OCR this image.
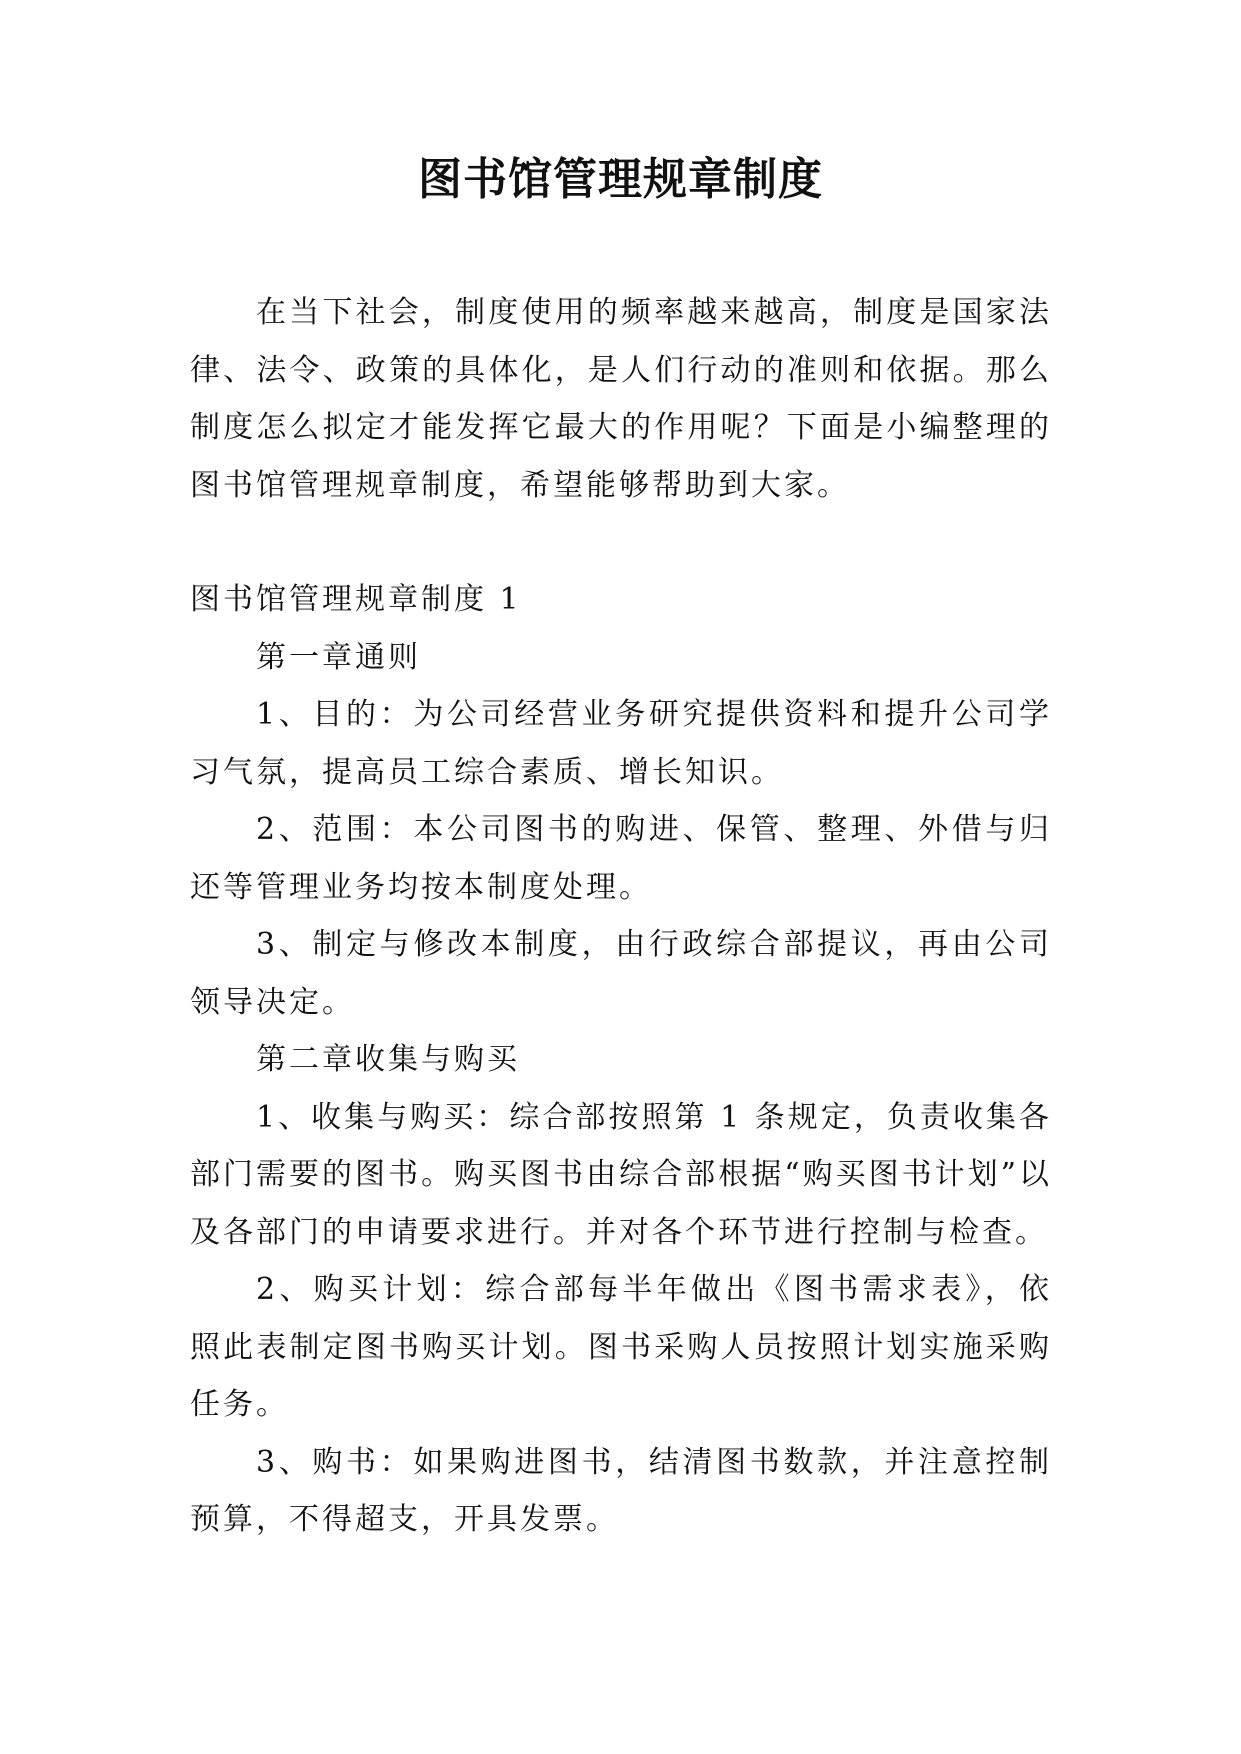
图书馆管理规章制度

在当下社会，制度使用的频率越来越高，制度是国家法律、法令、政策的具体化，是人们行动的准则和依据。那么制度怎么拟定才能发挥它最大的作用呢？下面是小编整理的图书馆管理规章制度，希望能够帮助到大家。

图书馆管理规章制度 1

第一章通则

1、目的：为公司经营业务研究提供资料和提升公司学习气氛，提高员工综合素质、增长知识。

2、范围：本公司图书的购进、保管、整理、外借与归还等管理业务均按本制度处理。

3、制定与修改本制度，由行政综合部提议，再由公司领导决定。

第二章收集与购买

1、收集与购买：综合部按照第 1 条规定，负责收集各部门需要的图书。购买图书由综合部根据“购买图书计划”以及各部门的申请要求进行。并对各个环节进行控制与检查。

2、购买计划：综合部每半年做出《图书需求表》，依照此表制定图书购买计划。图书采购人员按照计划实施采购任务。

3、购书：如果购进图书，结清图书数款，并注意控制预算，不得超支，开具发票。
